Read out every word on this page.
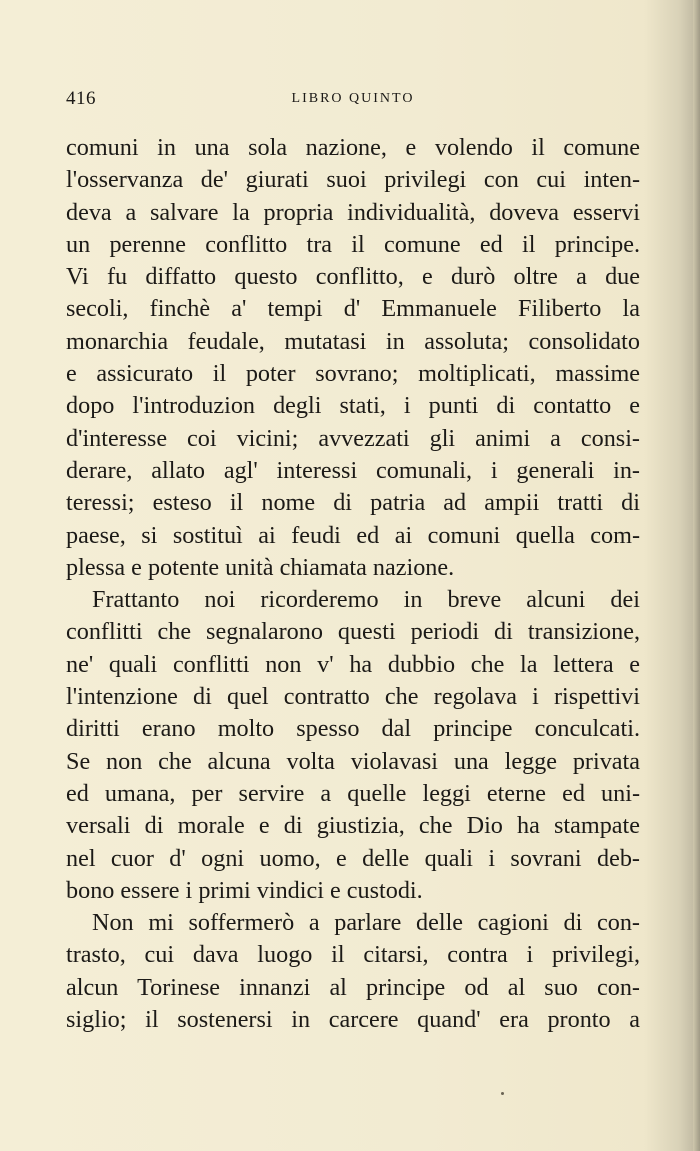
416	LIBRO QUINTO
comuni in una sola nazione, e volendo il comune
l'osservanza de' giurati suoi privilegi con cui inten-
deva a salvare la propria individualità, doveva esservi
un perenne conflitto tra il comune ed il principe.
Vi fu diffatto questo conflitto, e durò oltre a due
secoli, finchè a' tempi d' Emmanuele Filiberto la
monarchia feudale, mutatasi in assoluta; consolidato
e assicurato il poter sovrano; moltiplicati, massime
dopo l'introduzion degli stati, i punti di contatto e
d'interesse coi vicini; avvezzati gli animi a consi-
derare, allato agl' interessi comunali, i generali in-
teressi; esteso il nome di patria ad ampii tratti di
paese, si sostituì ai feudi ed ai comuni quella com-
plessa e potente unità chiamata nazione.
Frattanto noi ricorderemo in breve alcuni dei
conflitti che segnalarono questi periodi di transizione,
ne' quali conflitti non v' ha dubbio che la lettera e
l'intenzione di quel contratto che regolava i rispettivi
diritti erano molto spesso dal principe conculcati.
Se non che alcuna volta violavasi una legge privata
ed umana, per servire a quelle leggi eterne ed uni-
versali di morale e di giustizia, che Dio ha stampate
nel cuor d' ogni uomo, e delle quali i sovrani deb-
bono essere i primi vindici e custodi.
Non mi soffermerò a parlare delle cagioni di con-
trasto, cui dava luogo il citarsi, contra i privilegi,
alcun Torinese innanzi al principe od al suo con-
siglio; il sostenersi in carcere quand' era pronto a
